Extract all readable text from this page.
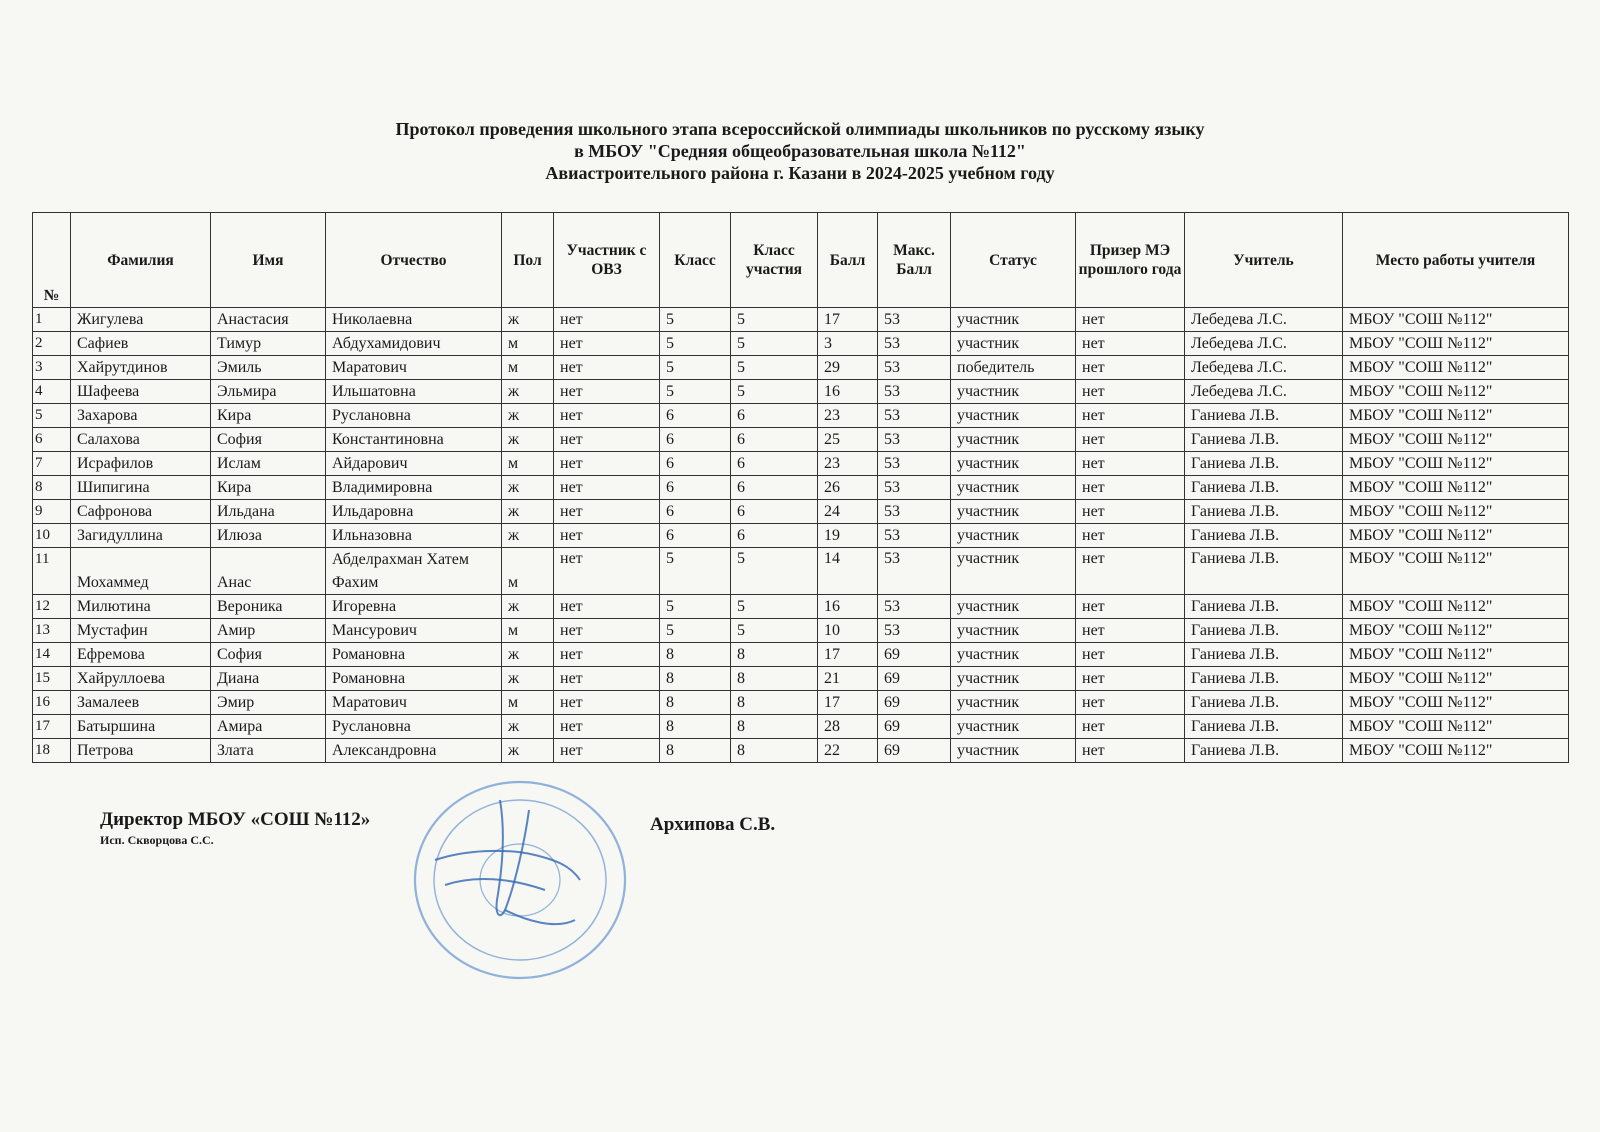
Протокол проведения школьного этапа всероссийской олимпиады школьников по русскому языку
в МБОУ "Средняя общеобразовательная школа №112"
Авиастроительного района г. Казани в 2024-2025 учебном году
№	Фамилия	Имя	Отчество	Пол	Участник с ОВЗ	Класс	Класс участия	Балл	Макс. Балл	Статус	Призер МЭ прошлого года	Учитель	Место работы учителя
1	Жигулева	Анастасия	Николаевна	ж	нет	5	5	17	53	участник	нет	Лебедева Л.С.	МБОУ "СОШ №112"
2	Сафиев	Тимур	Абдухамидович	м	нет	5	5	3	53	участник	нет	Лебедева Л.С.	МБОУ "СОШ №112"
3	Хайрутдинов	Эмиль	Маратович	м	нет	5	5	29	53	победитель	нет	Лебедева Л.С.	МБОУ "СОШ №112"
4	Шафеева	Эльмира	Ильшатовна	ж	нет	5	5	16	53	участник	нет	Лебедева Л.С.	МБОУ "СОШ №112"
5	Захарова	Кира	Руслановна	ж	нет	6	6	23	53	участник	нет	Ганиева Л.В.	МБОУ "СОШ №112"
6	Салахова	София	Константиновна	ж	нет	6	6	25	53	участник	нет	Ганиева Л.В.	МБОУ "СОШ №112"
7	Исрафилов	Ислам	Айдарович	м	нет	6	6	23	53	участник	нет	Ганиева Л.В.	МБОУ "СОШ №112"
8	Шипигина	Кира	Владимировна	ж	нет	6	6	26	53	участник	нет	Ганиева Л.В.	МБОУ "СОШ №112"
9	Сафронова	Ильдана	Ильдаровна	ж	нет	6	6	24	53	участник	нет	Ганиева Л.В.	МБОУ "СОШ №112"
10	Загидуллина	Илюза	Ильназовна	ж	нет	6	6	19	53	участник	нет	Ганиева Л.В.	МБОУ "СОШ №112"
11	Мохаммед	Анас	Абделрахман Хатем Фахим	м	нет	5	5	14	53	участник	нет	Ганиева Л.В.	МБОУ "СОШ №112"
12	Милютина	Вероника	Игоревна	ж	нет	5	5	16	53	участник	нет	Ганиева Л.В.	МБОУ "СОШ №112"
13	Мустафин	Амир	Мансурович	м	нет	5	5	10	53	участник	нет	Ганиева Л.В.	МБОУ "СОШ №112"
14	Ефремова	София	Романовна	ж	нет	8	8	17	69	участник	нет	Ганиева Л.В.	МБОУ "СОШ №112"
15	Хайруллоева	Диана	Романовна	ж	нет	8	8	21	69	участник	нет	Ганиева Л.В.	МБОУ "СОШ №112"
16	Замалеев	Эмир	Маратович	м	нет	8	8	17	69	участник	нет	Ганиева Л.В.	МБОУ "СОШ №112"
17	Батыршина	Амира	Руслановна	ж	нет	8	8	28	69	участник	нет	Ганиева Л.В.	МБОУ "СОШ №112"
18	Петрова	Злата	Александровна	ж	нет	8	8	22	69	участник	нет	Ганиева Л.В.	МБОУ "СОШ №112"
Директор МБОУ «СОШ №112»
Исп. Скворцова С.С.
Архипова С.В.
